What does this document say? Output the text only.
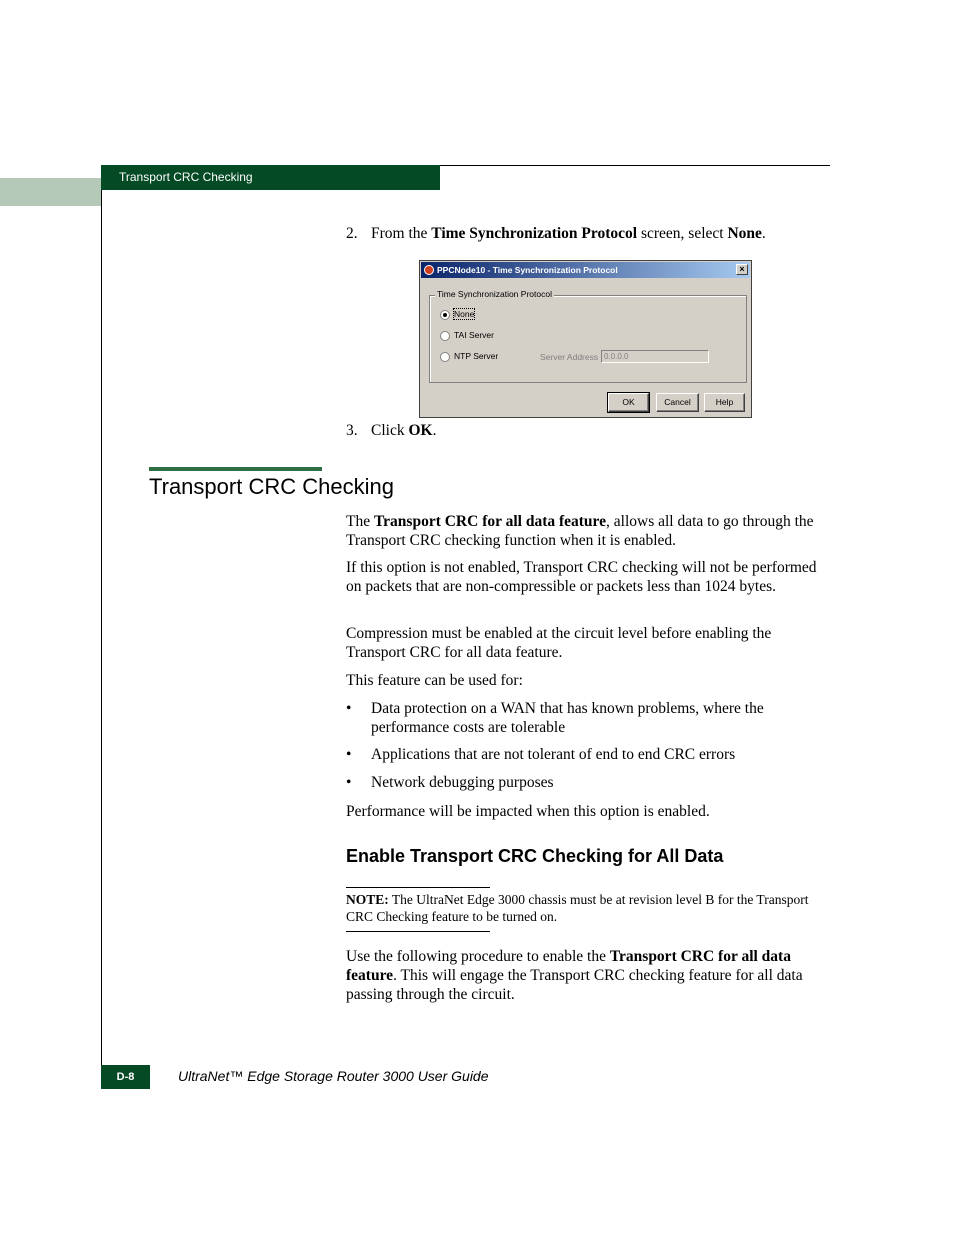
Transport CRC Checking
2. From the Time Synchronization Protocol screen, select None.
PPCNode10 - Time Synchronization Protocol	×
Time Synchronization Protocol
None
TAI Server
NTP Server	Server Address 0.0.0.0
OK	Cancel	Help
3. Click OK.
Transport CRC Checking
The Transport CRC for all data feature, allows all data to go through the Transport CRC checking function when it is enabled.
If this option is not enabled, Transport CRC checking will not be performed on packets that are non-compressible or packets less than 1024 bytes.
Compression must be enabled at the circuit level before enabling the Transport CRC for all data feature.
This feature can be used for:
• Data protection on a WAN that has known problems, where the performance costs are tolerable
• Applications that are not tolerant of end to end CRC errors
• Network debugging purposes
Performance will be impacted when this option is enabled.
Enable Transport CRC Checking for All Data
NOTE: The UltraNet Edge 3000 chassis must be at revision level B for the Transport CRC Checking feature to be turned on.
Use the following procedure to enable the Transport CRC for all data feature. This will engage the Transport CRC checking feature for all data passing through the circuit.
D-8	UltraNet™ Edge Storage Router 3000 User Guide
